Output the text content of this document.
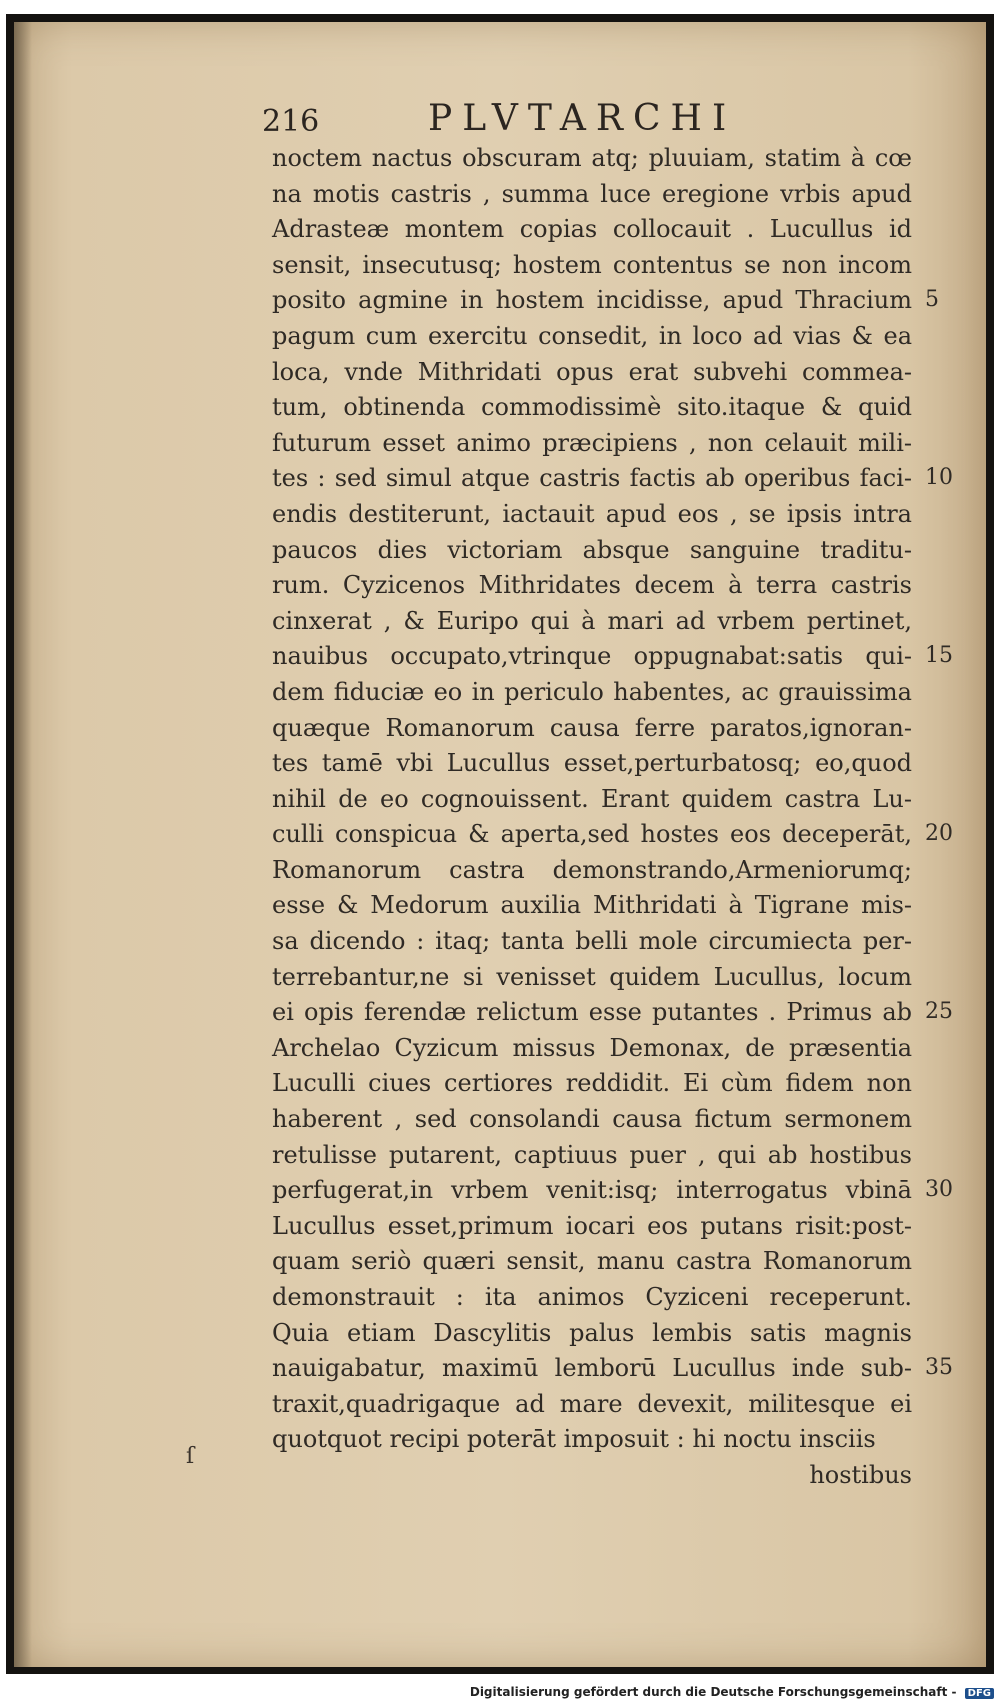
216	PLVTARCHI
noctem nactus obscuram atq; pluuiam, statim à cœ
na motis castris , summa luce eregione vrbis apud
Adrasteæ montem copias collocauit . Lucullus id
sensit, insecutusq; hostem contentus se non incom
posito agmine in hostem incidisse, apud Thracium
pagum cum exercitu consedit, in loco ad vias & ea
loca, vnde Mithridati opus erat subvehi commea-
tum, obtinenda commodissimè sito.itaque & quid
futurum esset animo præcipiens , non celauit mili-
tes : sed simul atque castris factis ab operibus faci-
endis destiterunt, iactauit apud eos , se ipsis intra
paucos dies victoriam absque sanguine traditu-
rum. Cyzicenos Mithridates decem à terra castris
cinxerat , & Euripo qui à mari ad vrbem pertinet,
nauibus occupato,vtrinque oppugnabat:satis qui-
dem fiduciæ eo in periculo habentes, ac grauissima
quæque Romanorum causa ferre paratos,ignoran-
tes tamē vbi Lucullus esset,perturbatosq; eo,quod
nihil de eo cognouissent. Erant quidem castra Lu-
culli conspicua & aperta,sed hostes eos deceperāt,
Romanorum castra demonstrando,Armeniorumq;
esse & Medorum auxilia Mithridati à Tigrane mis-
sa dicendo : itaq; tanta belli mole circumiecta per-
terrebantur,ne si venisset quidem Lucullus, locum
ei opis ferendæ relictum esse putantes . Primus ab
Archelao Cyzicum missus Demonax, de præsentia
Luculli ciues certiores reddidit. Ei cùm fidem non
haberent , sed consolandi causa fictum sermonem
retulisse putarent, captiuus puer , qui ab hostibus
perfugerat,in vrbem venit:isq; interrogatus vbinā
Lucullus esset,primum iocari eos putans risit:post-
quam seriò quæri sensit, manu castra Romanorum
demonstrauit : ita animos Cyziceni receperunt.
Quia etiam Dascylitis palus lembis satis magnis
nauigabatur, maximū lemborū Lucullus inde sub-
traxit,quadrigaque ad mare devexit, militesque ei
quotquot recipi poterāt imposuit : hi noctu insciis
hostibus
5
10
15
20
25
30
35
ſ
Digitalisierung gefördert durch die Deutsche Forschungsgemeinschaft - DFG
